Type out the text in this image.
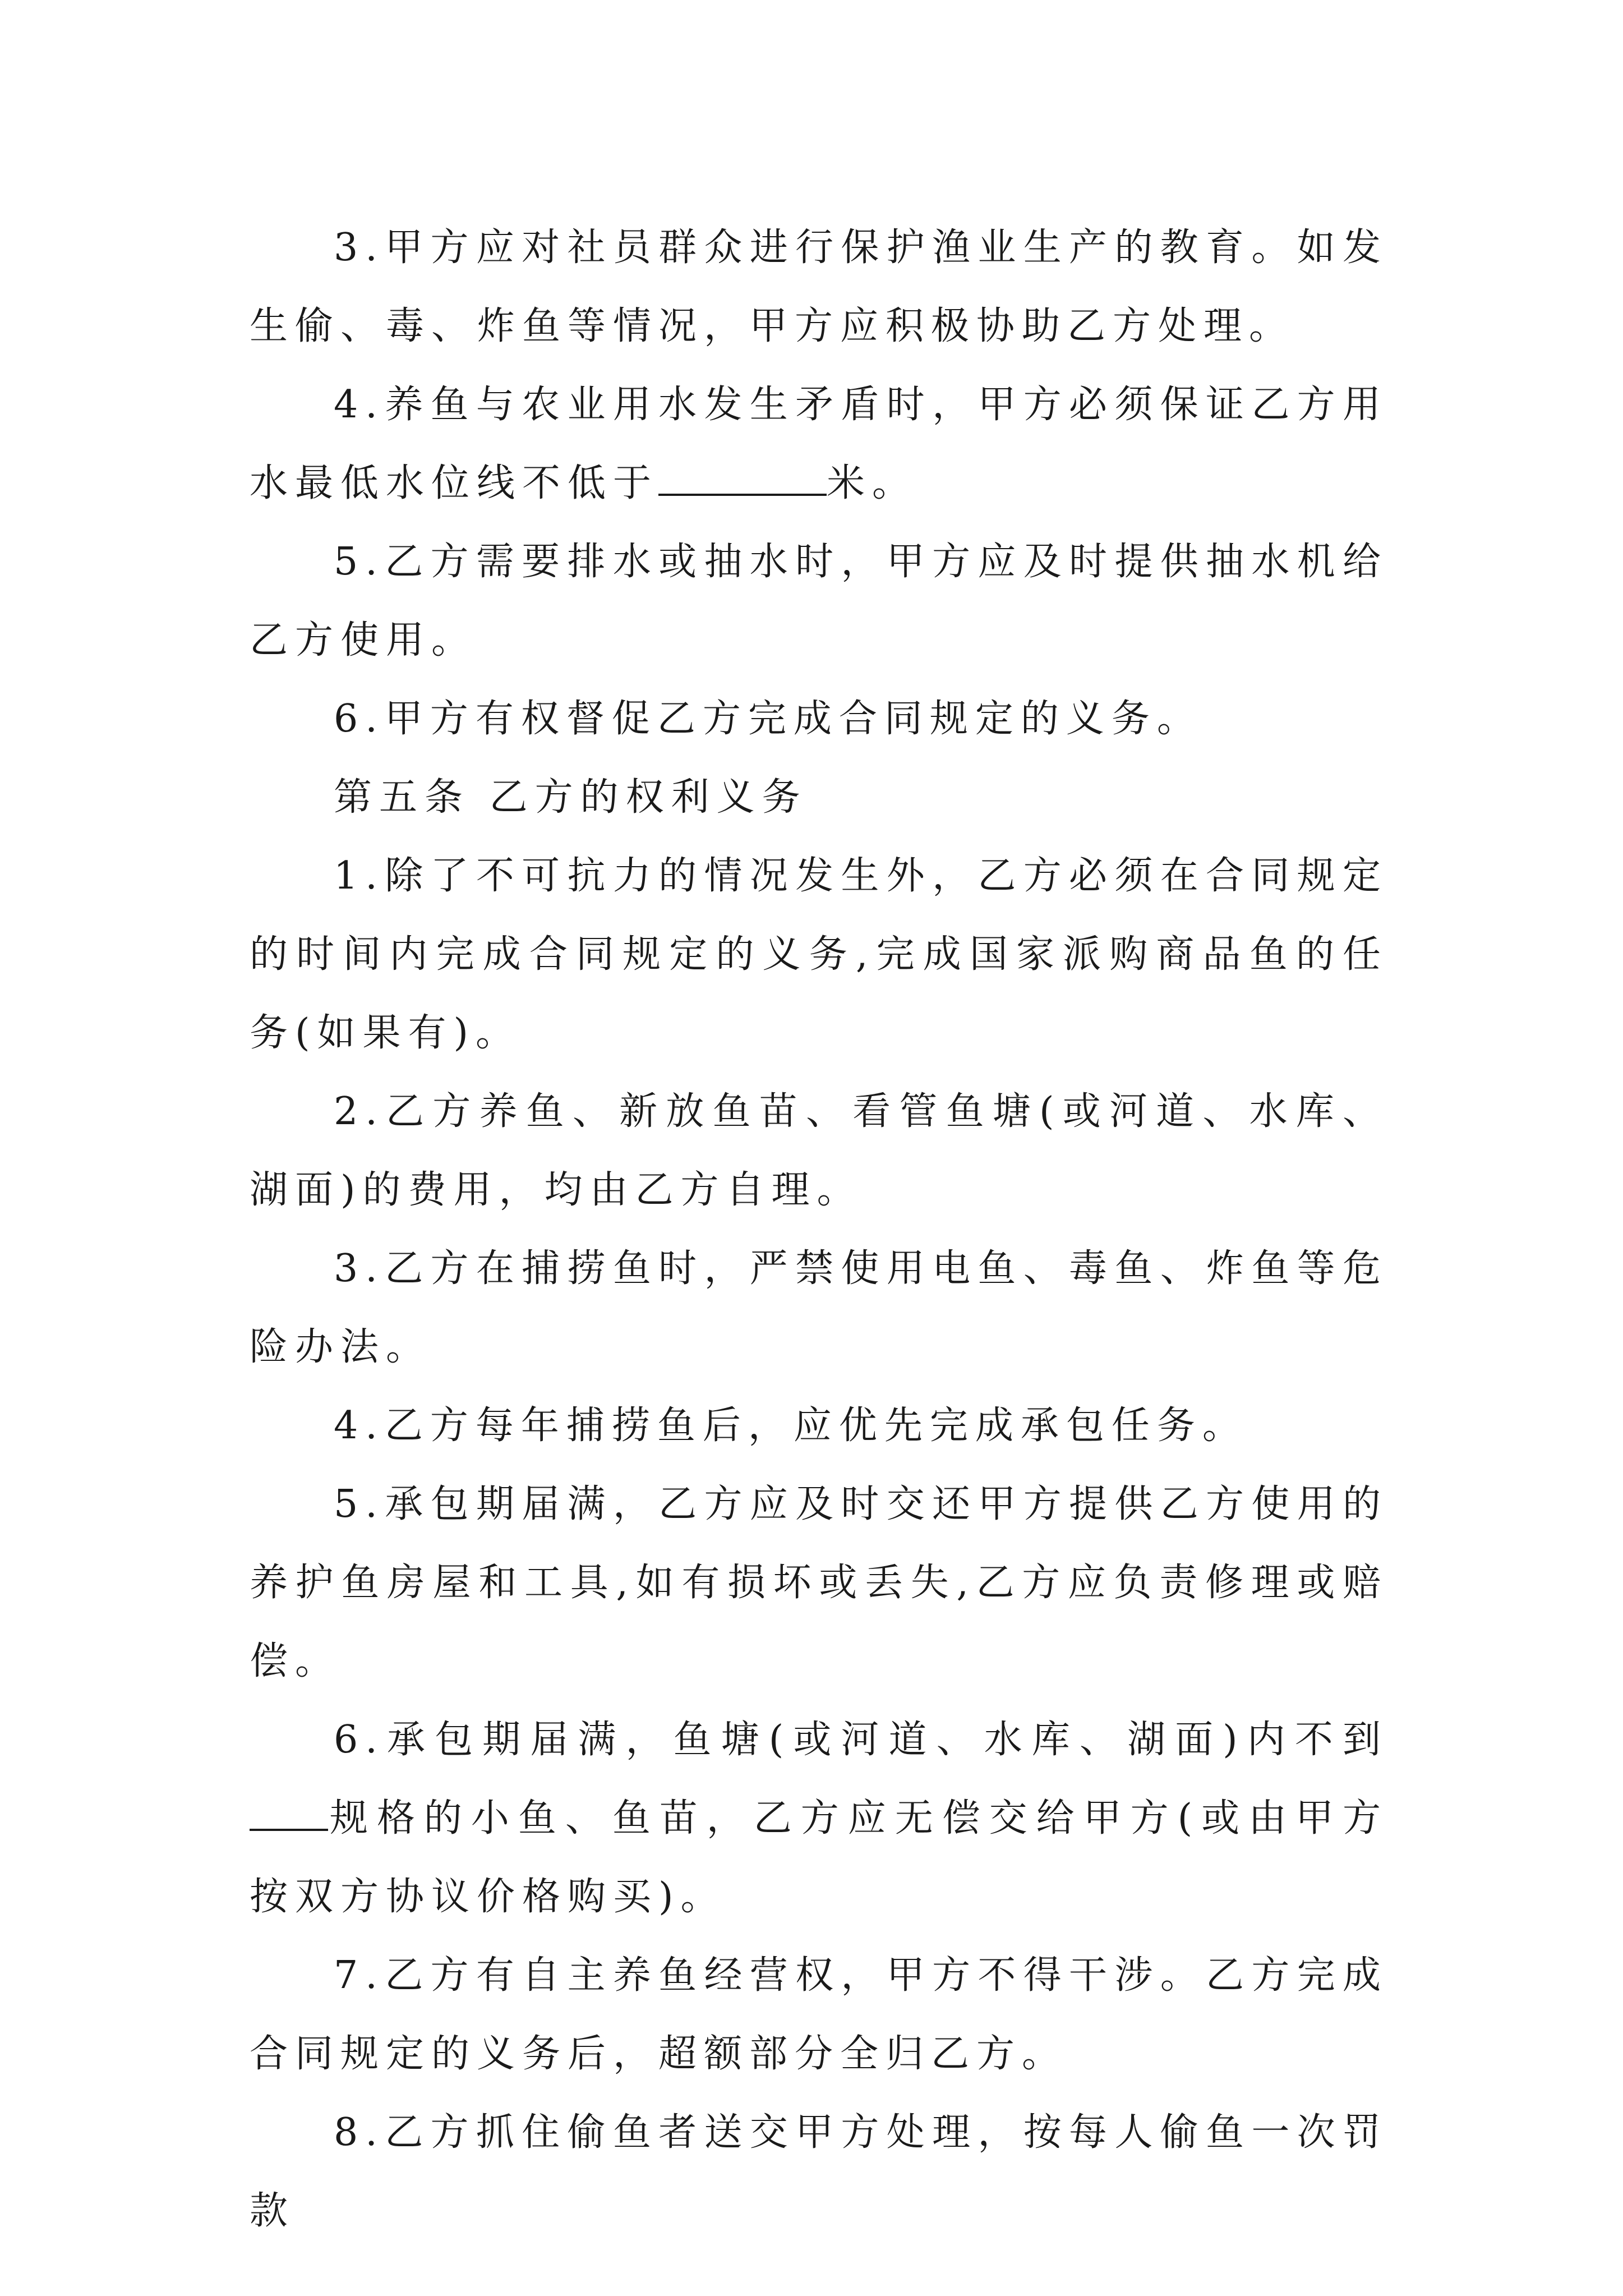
3.甲方应对社员群众进行保护渔业生产的教育。如发生偷、毒、炸鱼等情况，甲方应积极协助乙方处理。

4.养鱼与农业用水发生矛盾时，甲方必须保证乙方用水最低水位线不低于	米。

5.乙方需要排水或抽水时，甲方应及时提供抽水机给乙方使用。

6.甲方有权督促乙方完成合同规定的义务。

第五条 乙方的权利义务

1.除了不可抗力的情况发生外，乙方必须在合同规定的时间内完成合同规定的义务,完成国家派购商品鱼的任务(如果有)。

2.乙方养鱼、新放鱼苗、看管鱼塘(或河道、水库、湖面)的费用，均由乙方自理。

3.乙方在捕捞鱼时，严禁使用电鱼、毒鱼、炸鱼等危险办法。

4.乙方每年捕捞鱼后，应优先完成承包任务。

5.承包期届满，乙方应及时交还甲方提供乙方使用的养护鱼房屋和工具,如有损坏或丢失,乙方应负责修理或赔偿。

6.承包期届满，鱼塘(或河道、水库、湖面)内不到规格的小鱼、鱼苗，乙方应无偿交给甲方(或由甲方按双方协议价格购买)。

7.乙方有自主养鱼经营权，甲方不得干涉。乙方完成合同规定的义务后，超额部分全归乙方。

8.乙方抓住偷鱼者送交甲方处理，按每人偷鱼一次罚款
